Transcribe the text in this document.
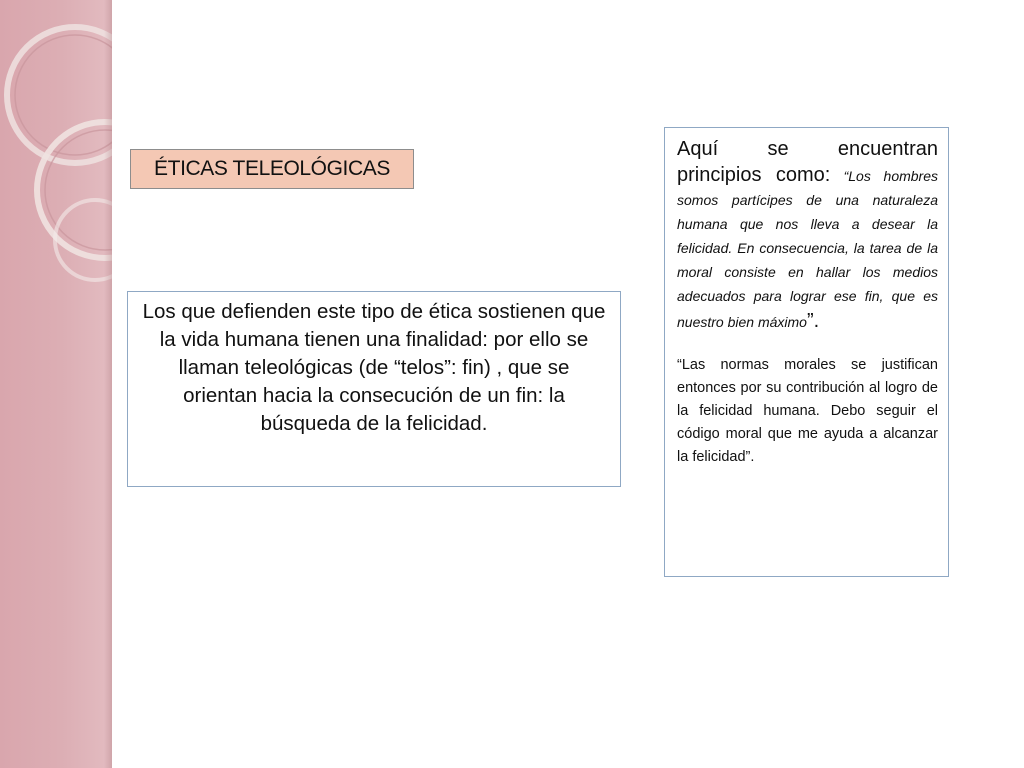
ÉTICAS TELEOLÓGICAS
Los que defienden este tipo de ética sostienen que la vida humana tienen una finalidad: por ello se llaman teleológicas (de “telos”: fin) , que se orientan hacia la consecución de un fin: la búsqueda de la felicidad.

Aquí se encuentran principios como: “Los hombres somos partícipes de una naturaleza humana que nos lleva a desear la felicidad. En consecuencia, la tarea de la moral consiste en hallar los medios adecuados para lograr ese fin, que es nuestro bien máximo”.

“Las normas morales se justifican entonces por su contribución al logro de la felicidad humana. Debo seguir el código moral que me ayuda a alcanzar la felicidad”.
